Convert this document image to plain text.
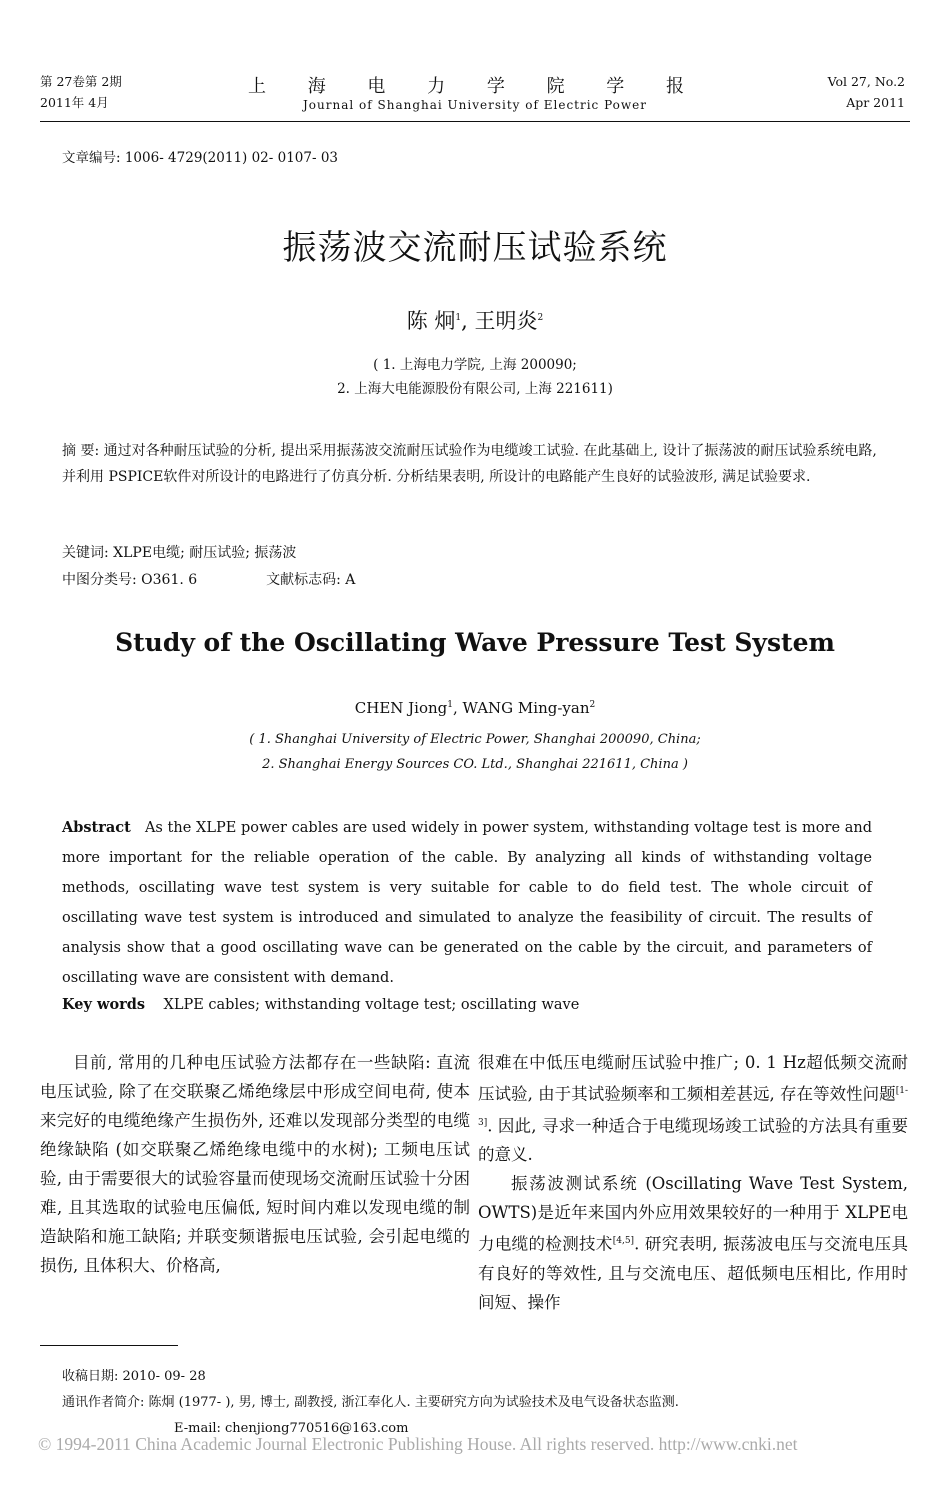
第 27卷第 2期
2011年 4月
上 海 电 力 学 院 学 报
Journal of Shanghai University of Electric Power
Vol 27, No.2
Apr 2011
文章编号: 1006- 4729(2011) 02- 0107- 03
振荡波交流耐压试验系统
陈 炯$^1$, 王明炎$^2$
( 1. 上海电力学院, 上海 200090;
2. 上海大电能源股份有限公司, 上海 221611)
摘 要: 通过对各种耐压试验的分析, 提出采用振荡波交流耐压试验作为电缆竣工试验. 在此基础上, 设计了振荡波的耐压试验系统电路, 并利用 PSPICE软件对所设计的电路进行了仿真分析. 分析结果表明, 所设计的电路能产生良好的试验波形, 满足试验要求.
关键词: XLPE电缆; 耐压试验; 振荡波
中图分类号: O361. 6	文献标志码: A
Study of the Oscillating Wave Pressure Test System
CHEN Jiong$^1$, WANG Ming-yan$^2$
( 1. Shanghai University of Electric Power, Shanghai 200090, China;
2. Shanghai Energy Sources CO. Ltd., Shanghai 221611, China )
Abstract As the XLPE power cables are used widely in power system, withstanding voltage test is more and more important for the reliable operation of the cable. By analyzing all kinds of withstanding voltage methods, oscillating wave test system is very suitable for cable to do field test. The whole circuit of oscillating wave test system is introduced and simulated to analyze the feasibility of circuit. The results of analysis show that a good oscillating wave can be generated on the cable by the circuit, and parameters of oscillating wave are consistent with demand.
Key words XLPE cables; withstanding voltage test; oscillating wave

目前, 常用的几种电压试验方法都存在一些缺陷: 直流电压试验, 除了在交联聚乙烯绝缘层中形成空间电荷, 使本来完好的电缆绝缘产生损伤外, 还难以发现部分类型的电缆绝缘缺陷 (如交联聚乙烯绝缘电缆中的水树); 工频电压试验, 由于需要很大的试验容量而使现场交流耐压试验十分困难, 且其选取的试验电压偏低, 短时间内难以发现电缆的制造缺陷和施工缺陷; 并联变频谐振电压试验, 会引起电缆的损伤, 且体积大、价格高,

很难在中低压电缆耐压试验中推广; 0. 1 Hz超低频交流耐压试验, 由于其试验频率和工频相差甚远, 存在等效性问题[1-3]. 因此, 寻求一种适合于电缆现场竣工试验的方法具有重要的意义.

振荡波测试系统 (Oscillating Wave Test System, OWTS)是近年来国内外应用效果较好的一种用于 XLPE电力电缆的检测技术[4,5]. 研究表明, 振荡波电压与交流电压具有良好的等效性, 且与交流电压、超低频电压相比, 作用时间短、操作

收稿日期: 2010- 09- 28
通讯作者简介: 陈炯 (1977- ), 男, 博士, 副教授, 浙江奉化人. 主要研究方向为试验技术及电气设备状态监测.
E-mail: chenjiong770516@163.com
© 1994-2011 China Academic Journal Electronic Publishing House. All rights reserved. http://www.cnki.net
